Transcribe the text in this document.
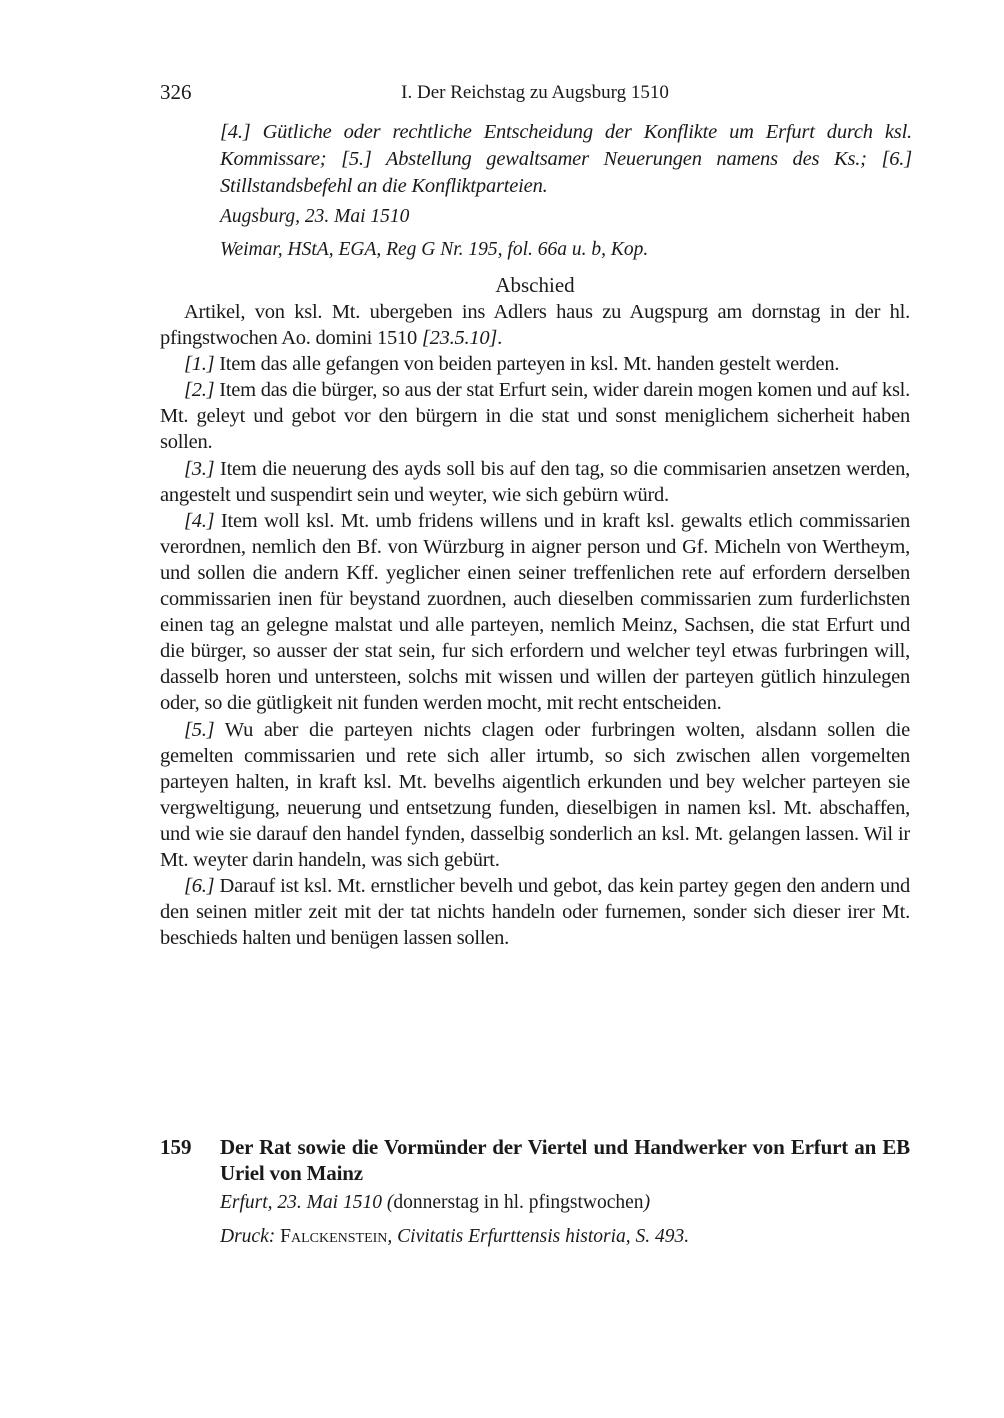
326	I. Der Reichstag zu Augsburg 1510
[4.] Gütliche oder rechtliche Entscheidung der Konflikte um Erfurt durch ksl. Kommissare; [5.] Abstellung gewaltsamer Neuerungen namens des Ks.; [6.] Stillstandsbefehl an die Konfliktparteien.
Augsburg, 23. Mai 1510
Weimar, HStA, EGA, Reg G Nr. 195, fol. 66a u. b, Kop.
Abschied

Artikel, von ksl. Mt. ubergeben ins Adlers haus zu Augspurg am dornstag in der hl. pfingstwochen Ao. domini 1510 [23.5.10].

[1.] Item das alle gefangen von beiden parteyen in ksl. Mt. handen gestelt werden.

[2.] Item das die bürger, so aus der stat Erfurt sein, wider darein mogen komen und auf ksl. Mt. geleyt und gebot vor den bürgern in die stat und sonst meniglichem sicherheit haben sollen.

[3.] Item die neuerung des ayds soll bis auf den tag, so die commisarien ansetzen werden, angestelt und suspendirt sein und weyter, wie sich gebürn würd.

[4.] Item woll ksl. Mt. umb fridens willens und in kraft ksl. gewalts etlich commissarien verordnen, nemlich den Bf. von Würzburg in aigner person und Gf. Micheln von Wertheym, und sollen die andern Kff. yeglicher einen seiner treffenlichen rete auf erfordern derselben commissarien inen für beystand zuordnen, auch dieselben commissarien zum furderlichsten einen tag an gelegne malstat und alle parteyen, nemlich Meinz, Sachsen, die stat Erfurt und die bürger, so ausser der stat sein, fur sich erfordern und welcher teyl etwas furbringen will, dasselb horen und untersteen, solchs mit wissen und willen der parteyen gütlich hinzulegen oder, so die gütligkeit nit funden werden mocht, mit recht entscheiden.

[5.] Wu aber die parteyen nichts clagen oder furbringen wolten, alsdann sollen die gemelten commissarien und rete sich aller irtumb, so sich zwischen allen vorgemelten parteyen halten, in kraft ksl. Mt. bevelhs aigentlich erkunden und bey welcher parteyen sie vergweltigung, neuerung und entsetzung funden, dieselbigen in namen ksl. Mt. abschaffen, und wie sie darauf den handel fynden, dasselbig sonderlich an ksl. Mt. gelangen lassen. Wil ir Mt. weyter darin handeln, was sich gebürt.

[6.] Darauf ist ksl. Mt. ernstlicher bevelh und gebot, das kein partey gegen den andern und den seinen mitler zeit mit der tat nichts handeln oder furnemen, sonder sich dieser irer Mt. beschieds halten und benügen lassen sollen.

159 Der Rat sowie die Vormünder der Viertel und Handwerker von Erfurt an EB Uriel von Mainz
Erfurt, 23. Mai 1510 (donnerstag in hl. pfingstwochen)
Druck: Falckenstein, Civitatis Erfurttensis historia, S. 493.
